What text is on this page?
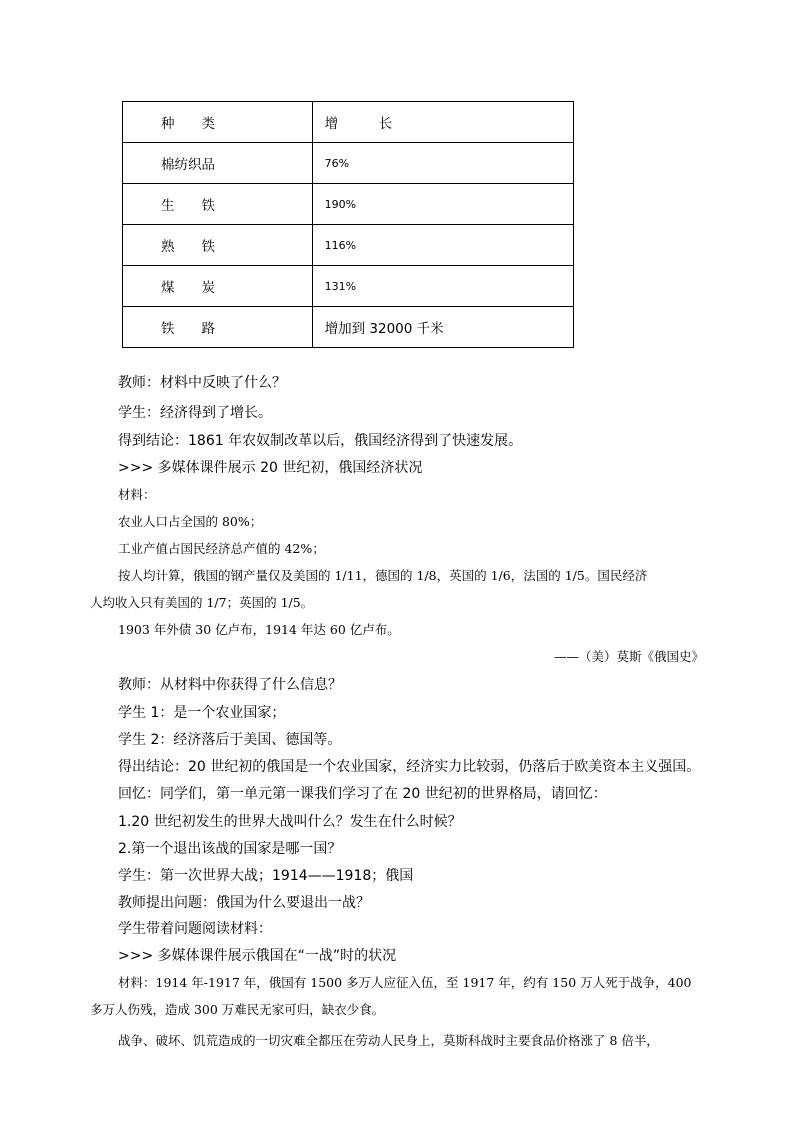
种　　类	增　　　长
棉纺织品	76%
生　　铁	190%
熟　　铁	116%
煤　　炭	131%
铁　　路	增加到 32000 千米
教师：材料中反映了什么？
学生：经济得到了增长。
得到结论：1861 年农奴制改革以后，俄国经济得到了快速发展。
>>> 多媒体课件展示 20 世纪初，俄国经济状况
材料：
农业人口占全国的 80%；
工业产值占国民经济总产值的 42%；
按人均计算，俄国的钢产量仅及美国的 1/11，德国的 1/8，英国的 1/6，法国的 1/5。国民经济
人均收入只有美国的 1/7；英国的 1/5。
1903 年外债 30 亿卢布，1914 年达 60 亿卢布。
——（美）莫斯《俄国史》
教师：从材料中你获得了什么信息？
学生 1：是一个农业国家；
学生 2：经济落后于美国、德国等。
得出结论：20 世纪初的俄国是一个农业国家，经济实力比较弱，仍落后于欧美资本主义强国。
回忆：同学们，第一单元第一课我们学习了在 20 世纪初的世界格局，请回忆：
1.20 世纪初发生的世界大战叫什么？发生在什么时候？
2.第一个退出该战的国家是哪一国？
学生：第一次世界大战；1914——1918；俄国
教师提出问题：俄国为什么要退出一战？
学生带着问题阅读材料：
>>> 多媒体课件展示俄国在“一战”时的状况
材料：1914 年-1917 年，俄国有 1500 多万人应征入伍，至 1917 年，约有 150 万人死于战争，400
多万人伤残，造成 300 万难民无家可归，缺衣少食。
战争、破坏、饥荒造成的一切灾难全都压在劳动人民身上，莫斯科战时主要食品价格涨了 8 倍半，
